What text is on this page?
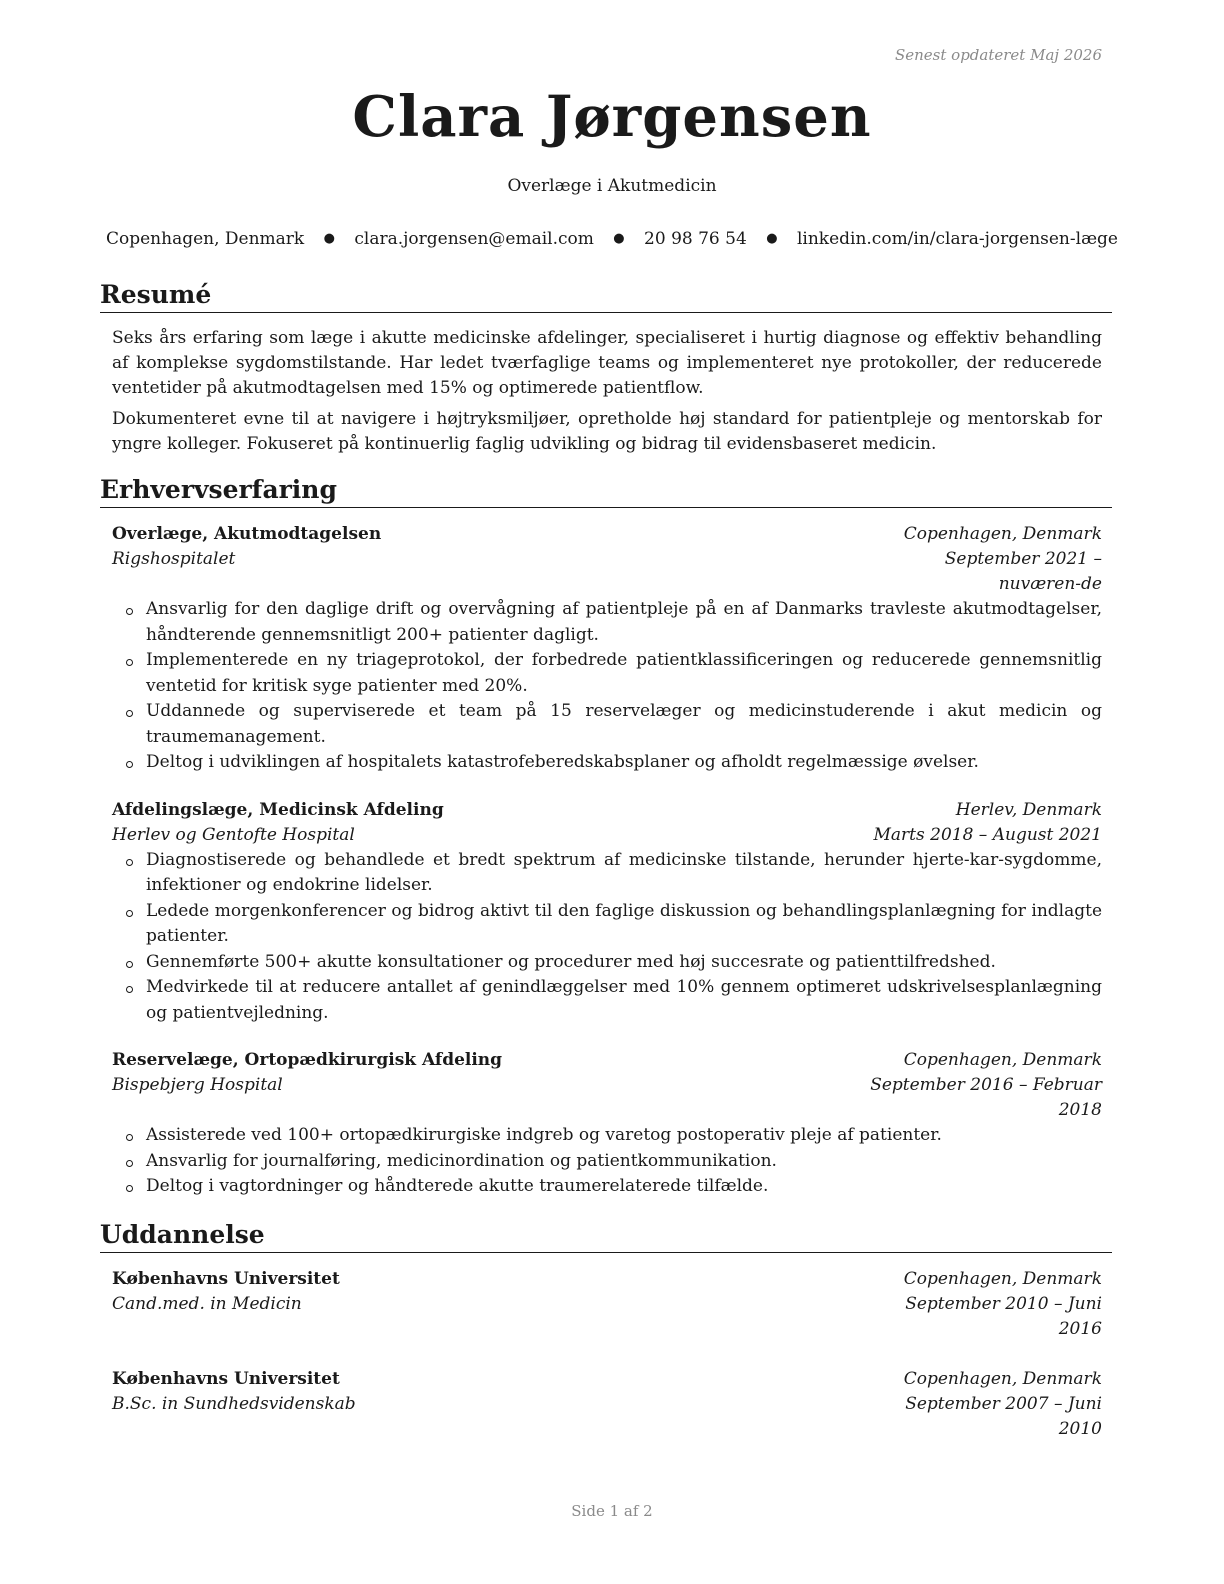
Senest opdateret Maj 2026
Clara Jørgensen
Overlæge i Akutmedicin
Copenhagen, Denmark ● clara.jorgensen@email.com ● 20 98 76 54 ● linkedin.com/in/clara-jorgensen-læge
Resumé

Seks års erfaring som læge i akutte medicinske afdelinger, specialiseret i hurtig diagnose og effektiv behandling af komplekse sygdomstilstande. Har ledet tværfaglige teams og implementeret nye protokoller, der reducerede ventetider på akutmodtagelsen med 15% og optimerede patientflow.

Dokumenteret evne til at navigere i højtryksmiljøer, opretholde høj standard for patientpleje og mentorskab for yngre kolleger. Fokuseret på kontinuerlig faglig udvikling og bidrag til evidensbaseret medicin.

Erhvervserfaring
Overlæge, Akutmodtagelsen	Copenhagen, Denmark
Rigshospitalet	September 2021 – nuværen-de
Ansvarlig for den daglige drift og overvågning af patientpleje på en af Danmarks travleste akutmodtagelser, håndterende gennemsnitligt 200+ patienter dagligt.
Implementerede en ny triageprotokol, der forbedrede patientklassificeringen og reducerede gennemsnitlig ventetid for kritisk syge patienter med 20%.
Uddannede og superviserede et team på 15 reservelæger og medicinstuderende i akut medicin og traumemanagement.
Deltog i udviklingen af hospitalets katastrofeberedskabsplaner og afholdt regelmæssige øvelser.
Afdelingslæge, Medicinsk Afdeling	Herlev, Denmark
Herlev og Gentofte Hospital	Marts 2018 – August 2021
Diagnostiserede og behandlede et bredt spektrum af medicinske tilstande, herunder hjerte-kar-sygdomme, infektioner og endokrine lidelser.
Ledede morgenkonferencer og bidrog aktivt til den faglige diskussion og behandlingsplanlægning for indlagte patienter.
Gennemførte 500+ akutte konsultationer og procedurer med høj succesrate og patienttilfredshed.
Medvirkede til at reducere antallet af genindlæggelser med 10% gennem optimeret udskrivelsesplanlægning og patientvejledning.
Reservelæge, Ortopædkirurgisk Afdeling	Copenhagen, Denmark
Bispebjerg Hospital	September 2016 – Februar 2018
Assisterede ved 100+ ortopædkirurgiske indgreb og varetog postoperativ pleje af patienter.
Ansvarlig for journalføring, medicinordination og patientkommunikation.
Deltog i vagtordninger og håndterede akutte traumerelaterede tilfælde.
Uddannelse
Københavns Universitet	Copenhagen, Denmark
Cand.med. in Medicin	September 2010 – Juni 2016
Københavns Universitet	Copenhagen, Denmark
B.Sc. in Sundhedsvidenskab	September 2007 – Juni 2010
Side 1 af 2
